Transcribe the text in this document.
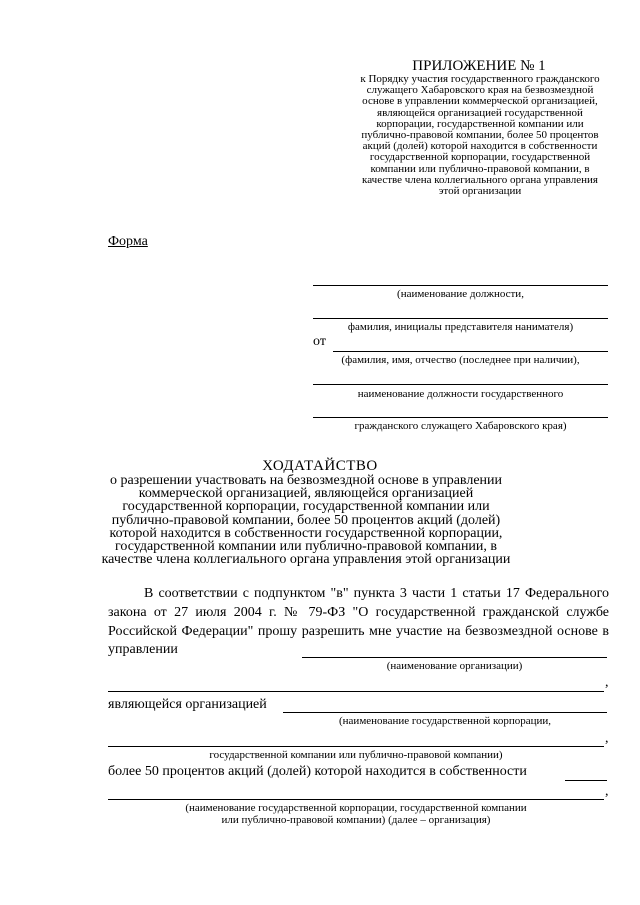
ПРИЛОЖЕНИЕ № 1
к Порядку участия государственного гражданского служащего Хабаровского края на безвозмездной основе в управлении коммерческой организацией, являющейся организацией государственной корпорации, государственной компании или публично-правовой компании, более 50 процентов акций (долей) которой находится в собственности государственной корпорации, государственной компании или публично-правовой компании, в качестве члена коллегиального органа управления этой организации
Форма
(наименование должности,
фамилия, инициалы представителя нанимателя)
от
(фамилия, имя, отчество (последнее при наличии),
наименование должности государственного
гражданского служащего Хабаровского края)
ХОДАТАЙСТВО
о разрешении участвовать на безвозмездной основе в управлении коммерческой организацией, являющейся организацией государственной корпорации, государственной компании или публично-правовой компании, более 50 процентов акций (долей) которой находится в собственности государственной корпорации, государственной компании или публично-правовой компании, в качестве члена коллегиального органа управления этой организации
В соответствии с подпунктом "в" пункта 3 части 1 статьи 17 Федерального закона от 27 июля 2004 г. № 79-ФЗ "О государственной гражданской службе Российской Федерации" прошу разрешить мне участие на безвозмездной основе в управлении
(наименование организации)
,
являющейся организацией
(наименование государственной корпорации,
,
государственной компании или публично-правовой компании)
более 50 процентов акций (долей) которой находится в собственности
,
(наименование государственной корпорации, государственной компании
или публично-правовой компании) (далее – организация)
